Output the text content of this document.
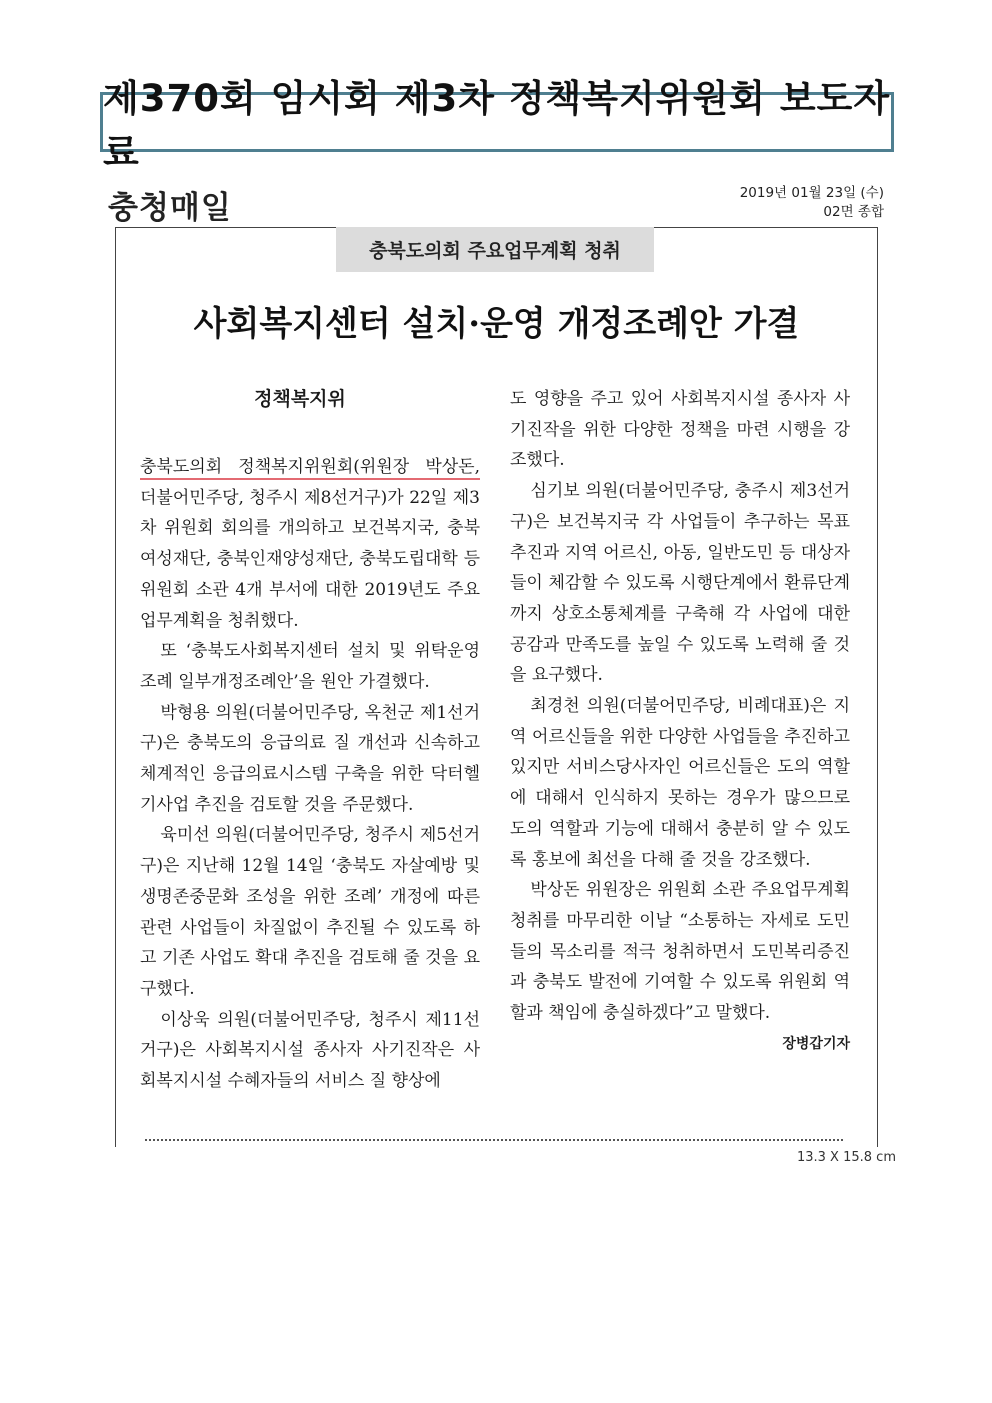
제370회 임시회 제3차 정책복지위원회 보도자료
충청매일	2019년 01월 23일 (수)
02면 종합
충북도의회 주요업무계획 청취
사회복지센터 설치·운영 개정조례안 가결
정책복지위

충북도의회 정책복지위원회(위원장 박상돈, 더불어민주당, 청주시 제8선거구)가 22일 제3차 위원회 회의를 개의하고 보건복지국, 충북여성재단, 충북인재양성재단, 충북도립대학 등 위원회 소관 4개 부서에 대한 2019년도 주요업무계획을 청취했다.

또 ‘충북도사회복지센터 설치 및 위탁운영조례 일부개정조례안’을 원안 가결했다.

박형용 의원(더불어민주당, 옥천군 제1선거구)은 충북도의 응급의료 질 개선과 신속하고 체계적인 응급의료시스템 구축을 위한 닥터헬기사업 추진을 검토할 것을 주문했다.

육미선 의원(더불어민주당, 청주시 제5선거구)은 지난해 12월 14일 ‘충북도 자살예방 및 생명존중문화 조성을 위한 조례’ 개정에 따른 관련 사업들이 차질없이 추진될 수 있도록 하고 기존 사업도 확대 추진을 검토해 줄 것을 요구했다.

이상욱 의원(더불어민주당, 청주시 제11선거구)은 사회복지시설 종사자 사기진작은 사회복지시설 수혜자들의 서비스 질 향상에

도 영향을 주고 있어 사회복지시설 종사자 사기진작을 위한 다양한 정책을 마련 시행을 강조했다.

심기보 의원(더불어민주당, 충주시 제3선거구)은 보건복지국 각 사업들이 추구하는 목표 추진과 지역 어르신, 아동, 일반도민 등 대상자들이 체감할 수 있도록 시행단계에서 환류단계까지 상호소통체계를 구축해 각 사업에 대한 공감과 만족도를 높일 수 있도록 노력해 줄 것을 요구했다.

최경천 의원(더불어민주당, 비례대표)은 지역 어르신들을 위한 다양한 사업들을 추진하고 있지만 서비스당사자인 어르신들은 도의 역할에 대해서 인식하지 못하는 경우가 많으므로 도의 역할과 기능에 대해서 충분히 알 수 있도록 홍보에 최선을 다해 줄 것을 강조했다.

박상돈 위원장은 위원회 소관 주요업무계획 청취를 마무리한 이날 “소통하는 자세로 도민들의 목소리를 적극 청취하면서 도민복리증진과 충북도 발전에 기여할 수 있도록 위원회 역할과 책임에 충실하겠다”고 말했다.
장병갑기자

13.3 X 15.8 cm
